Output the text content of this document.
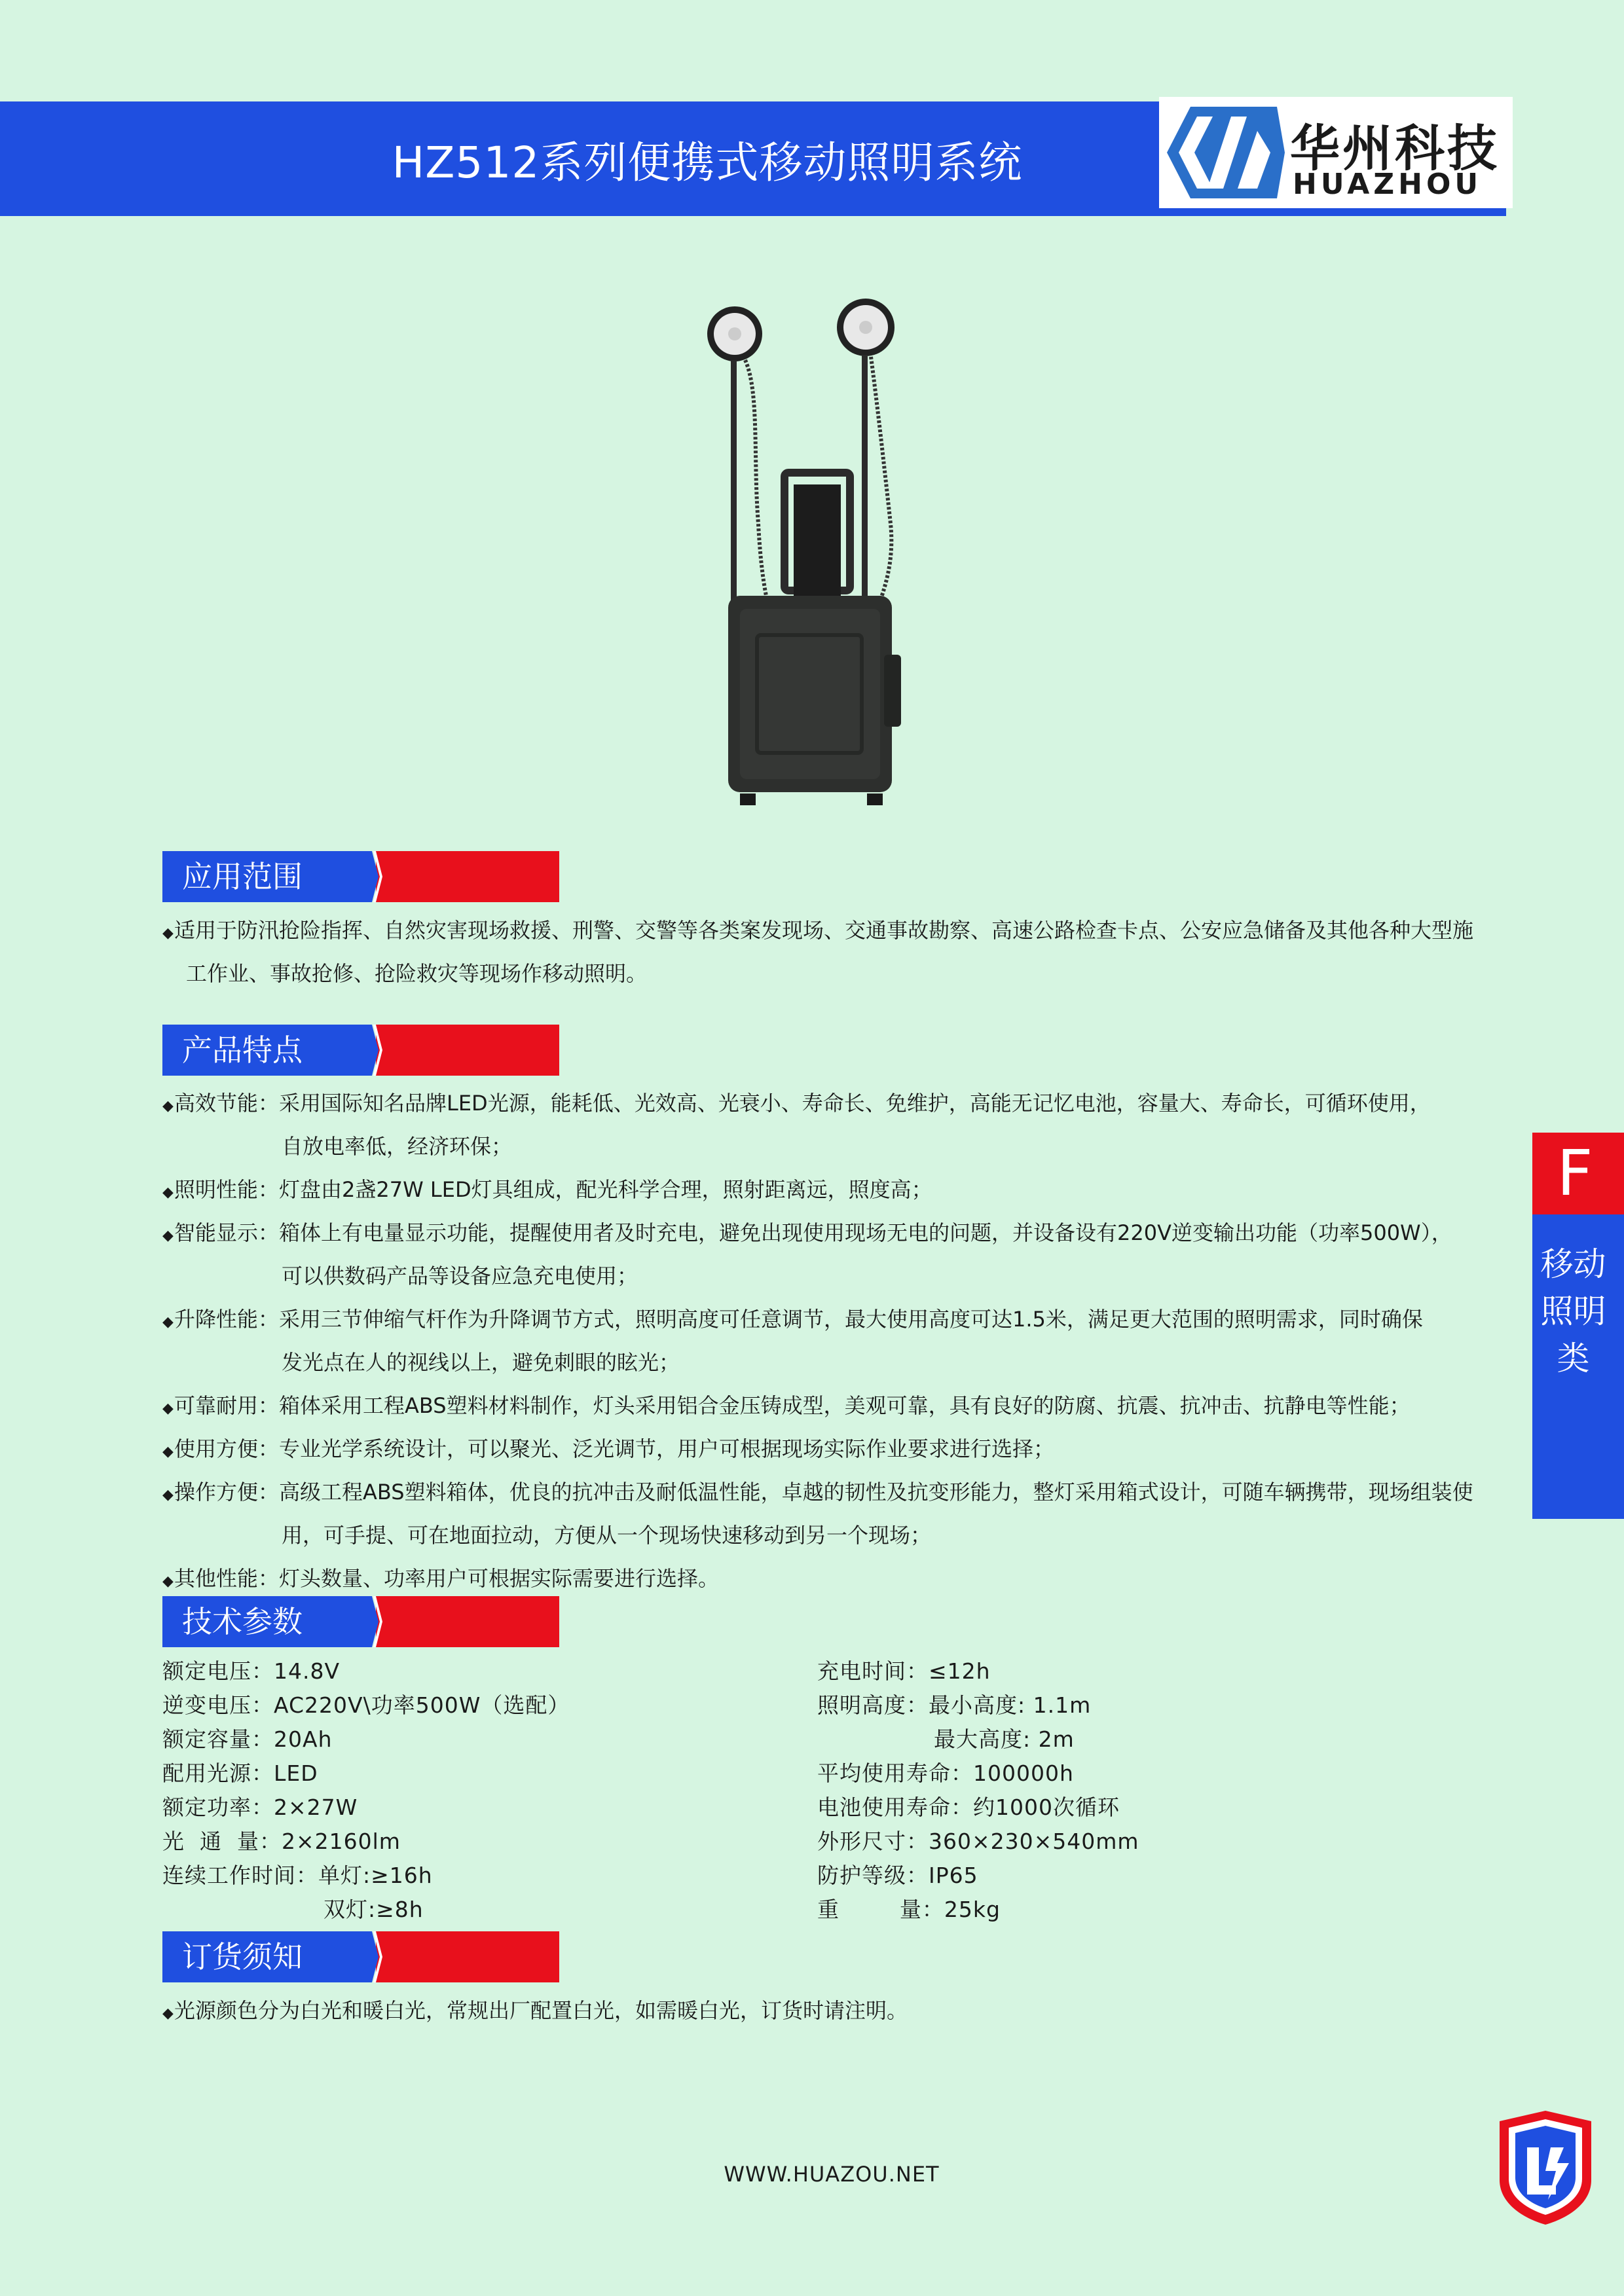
HZ512系列便携式移动照明系统	华州科技
HUAZHOU
应用范围
◆适用于防汛抢险指挥、自然灾害现场救援、刑警、交警等各类案发现场、交通事故勘察、高速公路检查卡点、公安应急储备及其他各种大型施
工作业、事故抢修、抢险救灾等现场作移动照明。
产品特点
◆高效节能：采用国际知名品牌LED光源，能耗低、光效高、光衰小、寿命长、免维护，高能无记忆电池，容量大、寿命长，可循环使用，
自放电率低，经济环保；
◆照明性能：灯盘由2盏27W LED灯具组成，配光科学合理，照射距离远，照度高；
◆智能显示：箱体上有电量显示功能，提醒使用者及时充电，避免出现使用现场无电的问题，并设备设有220V逆变输出功能（功率500W），
可以供数码产品等设备应急充电使用；
◆升降性能：采用三节伸缩气杆作为升降调节方式，照明高度可任意调节，最大使用高度可达1.5米，满足更大范围的照明需求，同时确保
发光点在人的视线以上，避免刺眼的眩光；
◆可靠耐用：箱体采用工程ABS塑料材料制作，灯头采用铝合金压铸成型，美观可靠，具有良好的防腐、抗震、抗冲击、抗静电等性能；
◆使用方便：专业光学系统设计，可以聚光、泛光调节，用户可根据现场实际作业要求进行选择；
◆操作方便：高级工程ABS塑料箱体，优良的抗冲击及耐低温性能，卓越的韧性及抗变形能力，整灯采用箱式设计，可随车辆携带，现场组装使
用，可手提、可在地面拉动，方便从一个现场快速移动到另一个现场；
◆其他性能：灯头数量、功率用户可根据实际需要进行选择。
技术参数
额定电压：14.8V
逆变电压：AC220V\功率500W（选配）
额定容量：20Ah
配用光源：LED
额定功率：2×27W
光  通  量：2×2160lm
连续工作时间：单灯:≥16h
双灯:≥8h
充电时间：≤12h
照明高度：最小高度: 1.1m
最大高度: 2m
平均使用寿命：100000h
电池使用寿命：约1000次循环
外形尺寸：360×230×540mm
防护等级：IP65
重        量：25kg
订货须知
◆光源颜色分为白光和暖白光，常规出厂配置白光，如需暖白光，订货时请注明。
F
移动照明类
WWW.HUAZOU.NET
